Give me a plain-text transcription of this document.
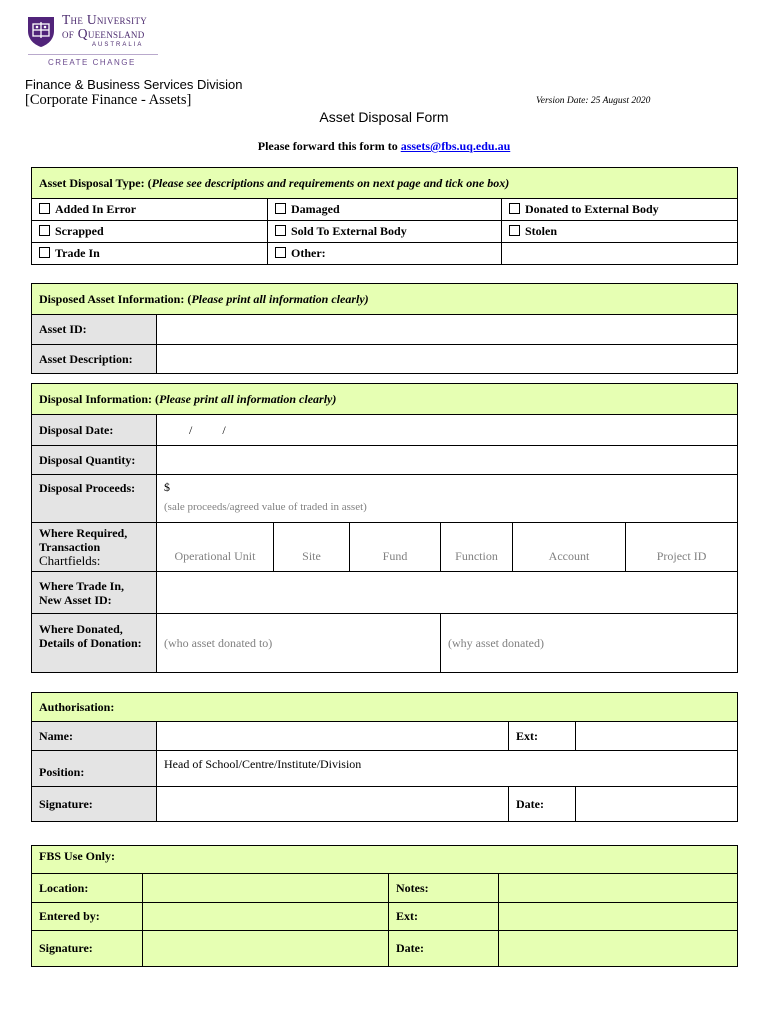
The University
of Queensland
AUSTRALIA
CREATE CHANGE
Finance & Business Services Division
[Corporate Finance - Assets]	Version Date: 25 August 2020
Asset Disposal Form
Please forward this form to assets@fbs.uq.edu.au
Asset Disposal Type: (Please see descriptions and requirements on next page and tick one box)		
Added In Error	Damaged	Donated to External Body
Scrapped	Sold To External Body	Stolen
Trade In	Other:	
Disposed Asset Information: (Please print all information clearly)	
Asset ID:	
Asset Description:	
Disposal Information: (Please print all information clearly)						
Disposal Date:	/          /					
Disposal Quantity:						
Disposal Proceeds:	$
(sale proceeds/agreed value of traded in asset)					

Where Required,
Transaction
Chartfields:	Operational Unit	Site	Fund	Function	Account	Project ID

Where Trade In,
New Asset ID:						

Where Donated,
Details of Donation:	(who asset donated to)			(why asset donated)		
Authorisation:			
Name:		Ext:	
Position:	Head of School/Centre/Institute/Division		
Signature:		Date:	
FBS Use Only:			
Location:		Notes:	
Entered by:		Ext:	
Signature:		Date:	
